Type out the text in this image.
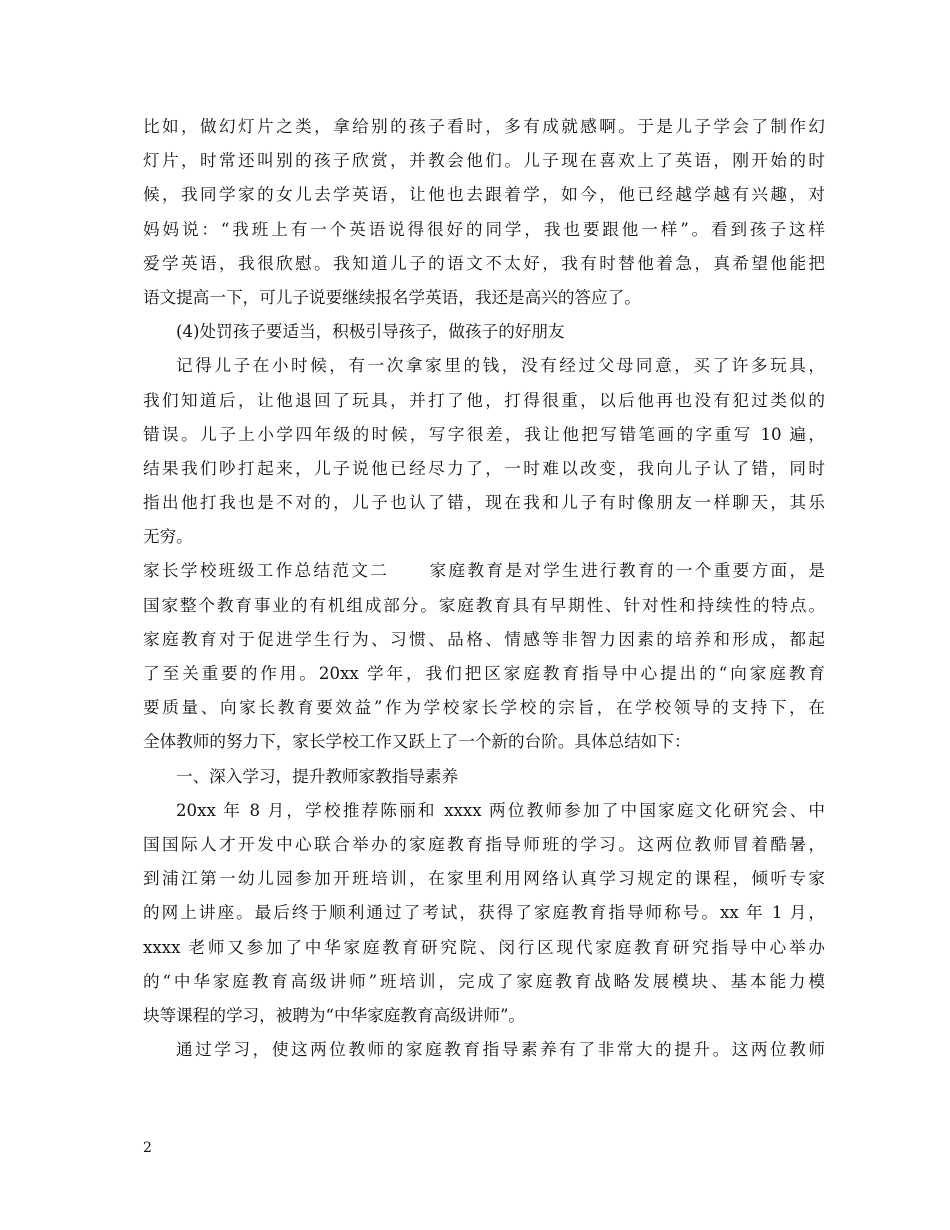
比如，做幻灯片之类，拿给别的孩子看时，多有成就感啊。于是儿子学会了制作幻
灯片，时常还叫别的孩子欣赏，并教会他们。儿子现在喜欢上了英语，刚开始的时
候，我同学家的女儿去学英语，让他也去跟着学，如今，他已经越学越有兴趣，对
妈妈说：“我班上有一个英语说得很好的同学，我也要跟他一样”。看到孩子这样
爱学英语，我很欣慰。我知道儿子的语文不太好，我有时替他着急，真希望他能把
语文提高一下，可儿子说要继续报名学英语，我还是高兴的答应了。
(4)处罚孩子要适当，积极引导孩子，做孩子的好朋友
记得儿子在小时候，有一次拿家里的钱，没有经过父母同意，买了许多玩具，
我们知道后，让他退回了玩具，并打了他，打得很重，以后他再也没有犯过类似的
错误。儿子上小学四年级的时候，写字很差，我让他把写错笔画的字重写 10 遍，
结果我们吵打起来，儿子说他已经尽力了，一时难以改变，我向儿子认了错，同时
指出他打我也是不对的，儿子也认了错，现在我和儿子有时像朋友一样聊天，其乐
无穷。
家长学校班级工作总结范文二 家庭教育是对学生进行教育的一个重要方面，是
国家整个教育事业的有机组成部分。家庭教育具有早期性、针对性和持续性的特点。
家庭教育对于促进学生行为、习惯、品格、情感等非智力因素的培养和形成，都起
了至关重要的作用。20xx 学年，我们把区家庭教育指导中心提出的“向家庭教育
要质量、向家长教育要效益”作为学校家长学校的宗旨，在学校领导的支持下，在
全体教师的努力下，家长学校工作又跃上了一个新的台阶。具体总结如下：
一、深入学习，提升教师家教指导素养
20xx 年 8 月，学校推荐陈丽和 xxxx 两位教师参加了中国家庭文化研究会、中
国国际人才开发中心联合举办的家庭教育指导师班的学习。这两位教师冒着酷暑，
到浦江第一幼儿园参加开班培训，在家里利用网络认真学习规定的课程，倾听专家
的网上讲座。最后终于顺利通过了考试，获得了家庭教育指导师称号。xx 年 1 月，
xxxx 老师又参加了中华家庭教育研究院、闵行区现代家庭教育研究指导中心举办
的“中华家庭教育高级讲师”班培训，完成了家庭教育战略发展模块、基本能力模
块等课程的学习，被聘为“中华家庭教育高级讲师”。
通过学习，使这两位教师的家庭教育指导素养有了非常大的提升。这两位教师
2
